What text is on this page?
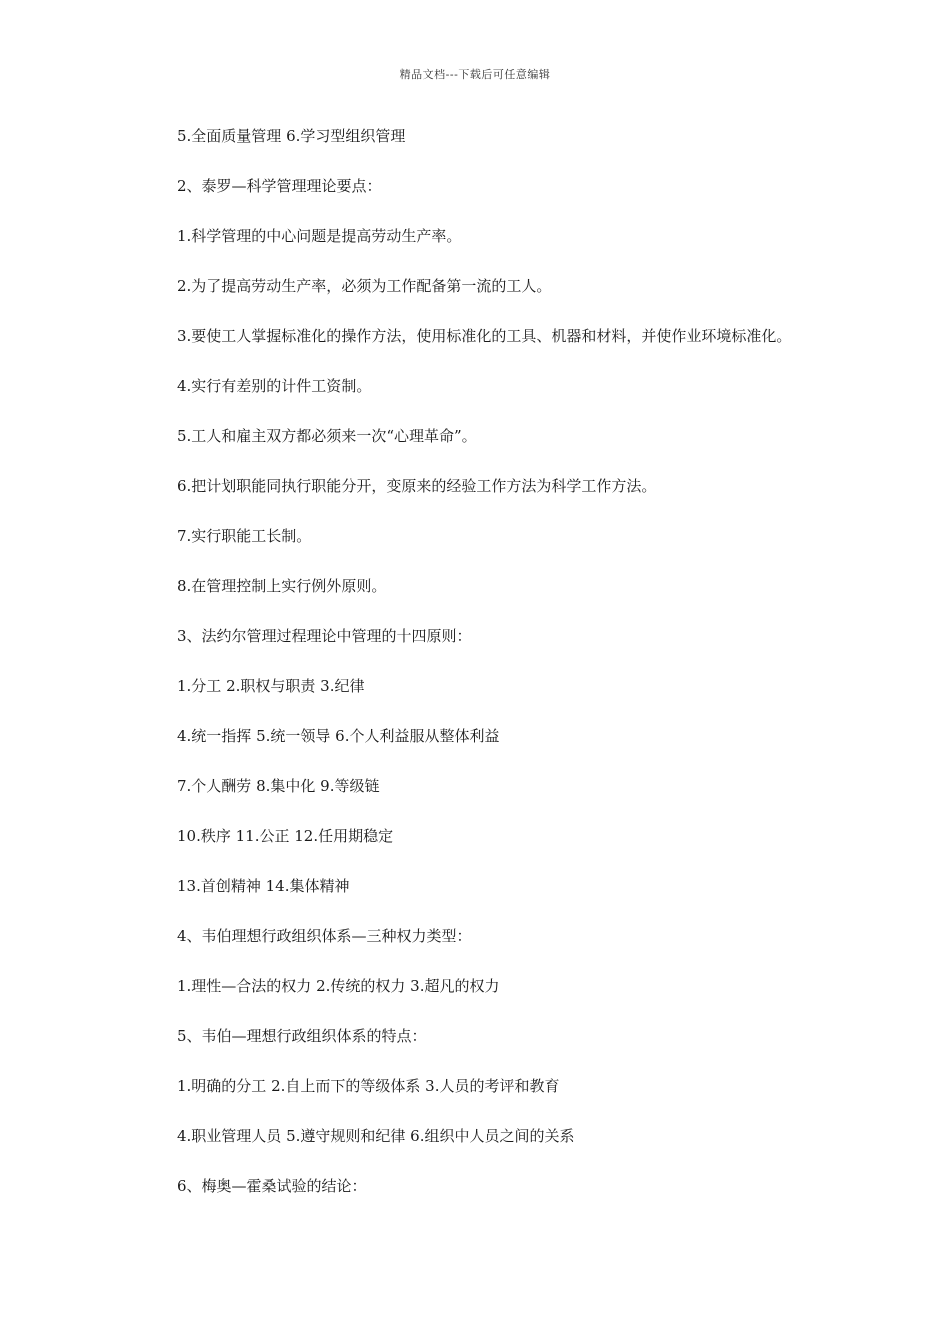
精品文档---下载后可任意编辑

5.全面质量管理 6.学习型组织管理

2、泰罗—科学管理理论要点：

1.科学管理的中心问题是提高劳动生产率。

2.为了提高劳动生产率，必须为工作配备第一流的工人。

3.要使工人掌握标准化的操作方法，使用标准化的工具、机器和材料，并使作业环境标准化。

4.实行有差别的计件工资制。

5.工人和雇主双方都必须来一次“心理革命”。

6.把计划职能同执行职能分开，变原来的经验工作方法为科学工作方法。

7.实行职能工长制。

8.在管理控制上实行例外原则。

3、法约尔管理过程理论中管理的十四原则：

1.分工 2.职权与职责 3.纪律

4.统一指挥 5.统一领导 6.个人利益服从整体利益

7.个人酬劳 8.集中化 9.等级链

10.秩序 11.公正 12.任用期稳定

13.首创精神 14.集体精神

4、韦伯理想行政组织体系—三种权力类型：

1.理性—合法的权力 2.传统的权力 3.超凡的权力

5、韦伯—理想行政组织体系的特点：

1.明确的分工 2.自上而下的等级体系 3.人员的考评和教育

4.职业管理人员 5.遵守规则和纪律 6.组织中人员之间的关系

6、梅奥—霍桑试验的结论：
